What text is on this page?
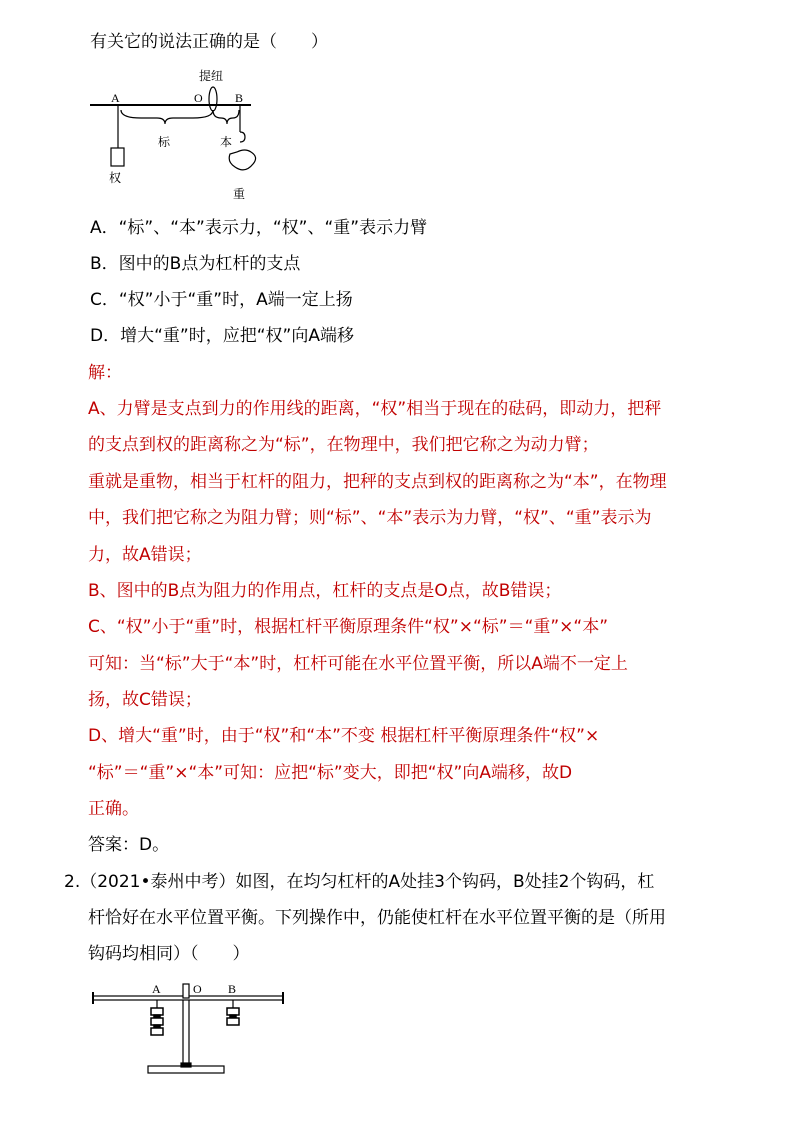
有关它的说法正确的是（　　）
提纽
A	O	B
标	本
权
重
A．“标”、“本”表示力，“权”、“重”表示力臂
B．图中的B点为杠杆的支点
C．“权”小于“重”时，A端一定上扬
D．增大“重”时，应把“权”向A端移
解：
A、力臂是支点到力的作用线的距离，“权”相当于现在的砝码，即动力，把秤
的支点到权的距离称之为“标”，在物理中，我们把它称之为动力臂；
重就是重物，相当于杠杆的阻力，把秤的支点到权的距离称之为“本”，在物理
中，我们把它称之为阻力臂；则“标”、“本”表示为力臂，“权”、“重”表示为
力，故A错误；
B、图中的B点为阻力的作用点，杠杆的支点是O点，故B错误；
C、“权”小于“重”时，根据杠杆平衡原理条件“权”×“标”＝“重”×“本”
可知：当“标”大于“本”时，杠杆可能在水平位置平衡，所以A端不一定上
扬，故C错误；
D、增大“重”时，由于“权”和“本”不变 根据杠杆平衡原理条件“权”×
“标”＝“重”×“本”可知：应把“标”变大，即把“权”向A端移，故D
正确。
答案：D。
2.（2021•泰州中考）如图，在均匀杠杆的A处挂3个钩码，B处挂2个钩码，杠
杆恰好在水平位置平衡。下列操作中，仍能使杠杆在水平位置平衡的是（所用
钩码均相同）（　　）
A	O B
